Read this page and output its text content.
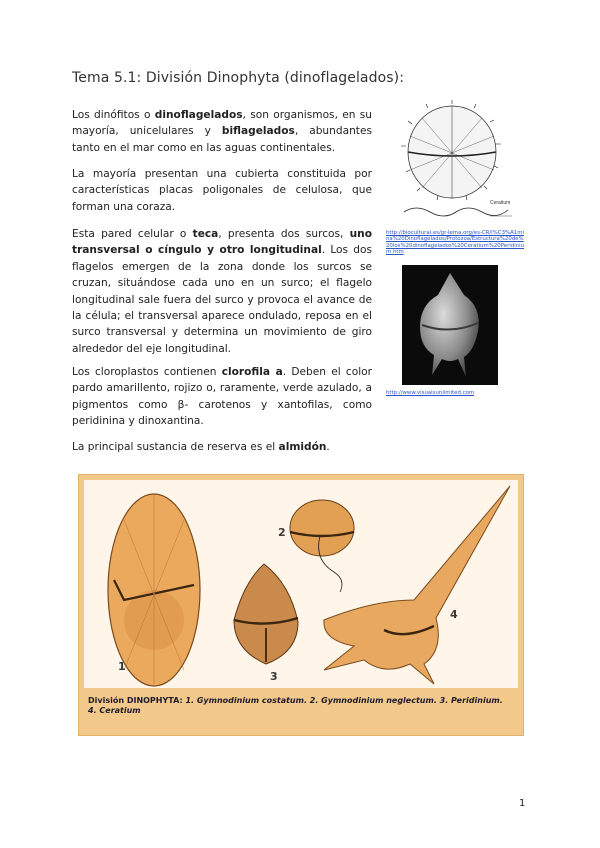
Tema 5.1: División Dinophyta (dinoflagelados):
Los dinófitos o dinoflagelados, son organismos, en su mayoría, unicelulares y biflagelados, abundantes tanto en el mar como en las aguas continentales.
La mayoría presentan una cubierta constituida por características placas poligonales de celulosa, que forman una coraza.
Esta pared celular o teca, presenta dos surcos, uno transversal o cíngulo y otro longitudinal. Los dos flagelos emergen de la zona donde los surcos se cruzan, situándose cada uno en un surco; el flagelo longitudinal sale fuera del surco y provoca el avance de la célula; el transversal aparece ondulado, reposa en el surco transversal y determina un movimiento de giro alrededor del eje longitudinal.
Los cloroplastos contienen clorofila a. Deben el color pardo amarillento, rojizo o, raramente, verde azulado, a pigmentos como β- carotenos y xantofilas, como peridinina y dinoxantina.
La principal sustancia de reserva es el almidón.
Ceratium
http://biocultural.es/gr-lema.org/es-CR/l%C3%A1mina%20Dinoflagelados/Protozoa/Estructura%20de%20los%20dinoflagelados%20Ceratium%20Peridinium.htm
http://www.visualsunlimited.com
1
2
3
4
División DINOPHYTA: 1. Gymnodinium costatum. 2. Gymnodinium neglectum. 3. Peridinium. 4. Ceratium
1
